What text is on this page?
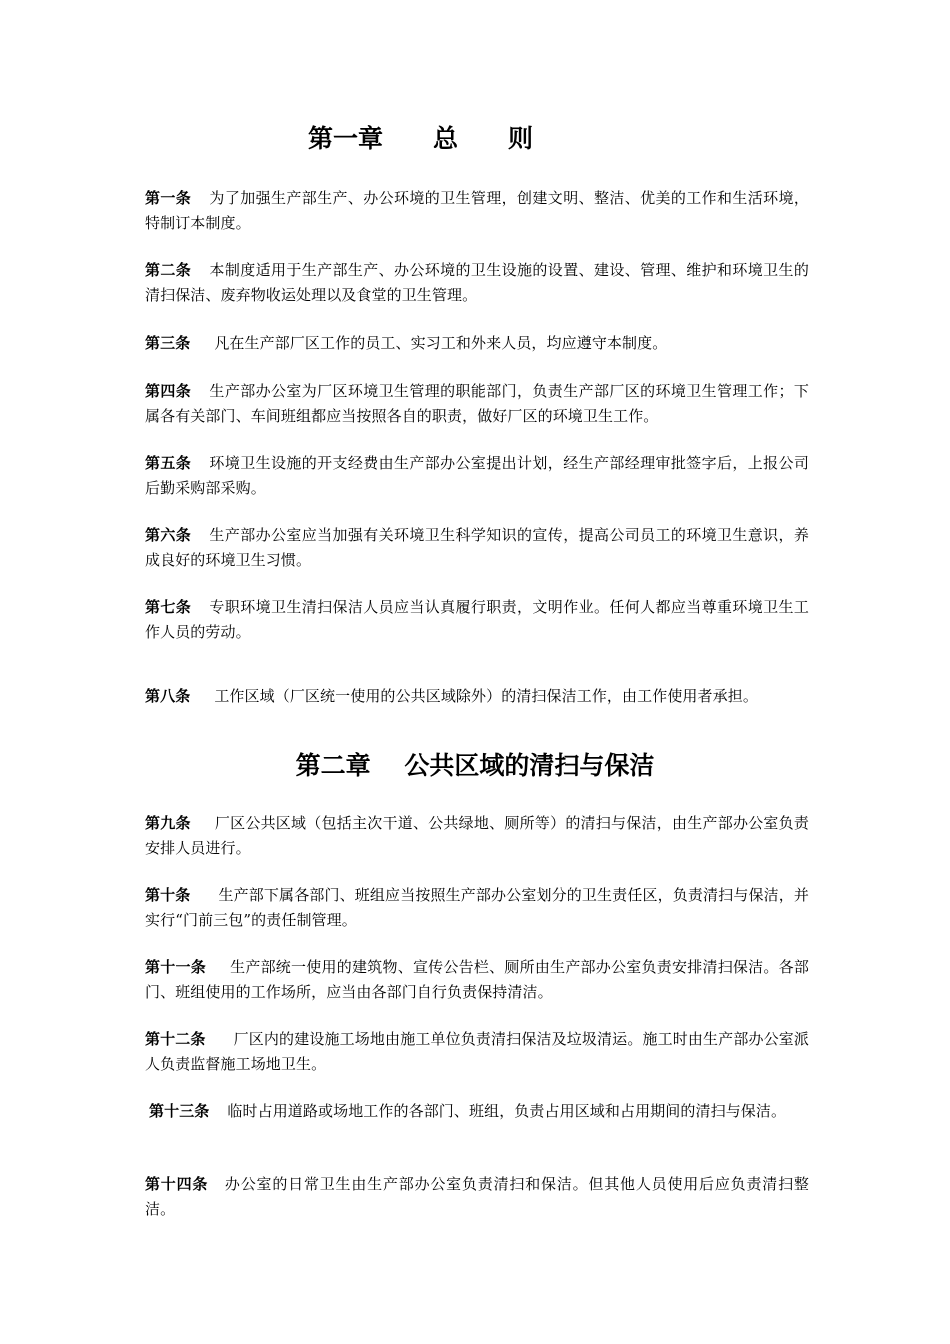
第一章　　总　　则

第一条 为了加强生产部生产、办公环境的卫生管理，创建文明、整洁、优美的工作和生活环境，特制订本制度。

第二条 本制度适用于生产部生产、办公环境的卫生设施的设置、建设、管理、维护和环境卫生的清扫保洁、废弃物收运处理以及食堂的卫生管理。

第三条 凡在生产部厂区工作的员工、实习工和外来人员，均应遵守本制度。

第四条 生产部办公室为厂区环境卫生管理的职能部门，负责生产部厂区的环境卫生管理工作；下属各有关部门、车间班组都应当按照各自的职责，做好厂区的环境卫生工作。

第五条 环境卫生设施的开支经费由生产部办公室提出计划，经生产部经理审批签字后，上报公司后勤采购部采购。

第六条 生产部办公室应当加强有关环境卫生科学知识的宣传，提高公司员工的环境卫生意识，养成良好的环境卫生习惯。

第七条 专职环境卫生清扫保洁人员应当认真履行职责，文明作业。任何人都应当尊重环境卫生工作人员的劳动。

第八条 工作区域（厂区统一使用的公共区域除外）的清扫保洁工作，由工作使用者承担。

第二章　 公共区域的清扫与保洁

第九条 厂区公共区域（包括主次干道、公共绿地、厕所等）的清扫与保洁，由生产部办公室负责安排人员进行。

第十条 生产部下属各部门、班组应当按照生产部办公室划分的卫生责任区，负责清扫与保洁，并实行“门前三包”的责任制管理。

第十一条 生产部统一使用的建筑物、宣传公告栏、厕所由生产部办公室负责安排清扫保洁。各部门、班组使用的工作场所，应当由各部门自行负责保持清洁。

第十二条 厂区内的建设施工场地由施工单位负责清扫保洁及垃圾清运。施工时由生产部办公室派人负责监督施工场地卫生。

第十三条 临时占用道路或场地工作的各部门、班组，负责占用区域和占用期间的清扫与保洁。

第十四条 办公室的日常卫生由生产部办公室负责清扫和保洁。但其他人员使用后应负责清扫整洁。
